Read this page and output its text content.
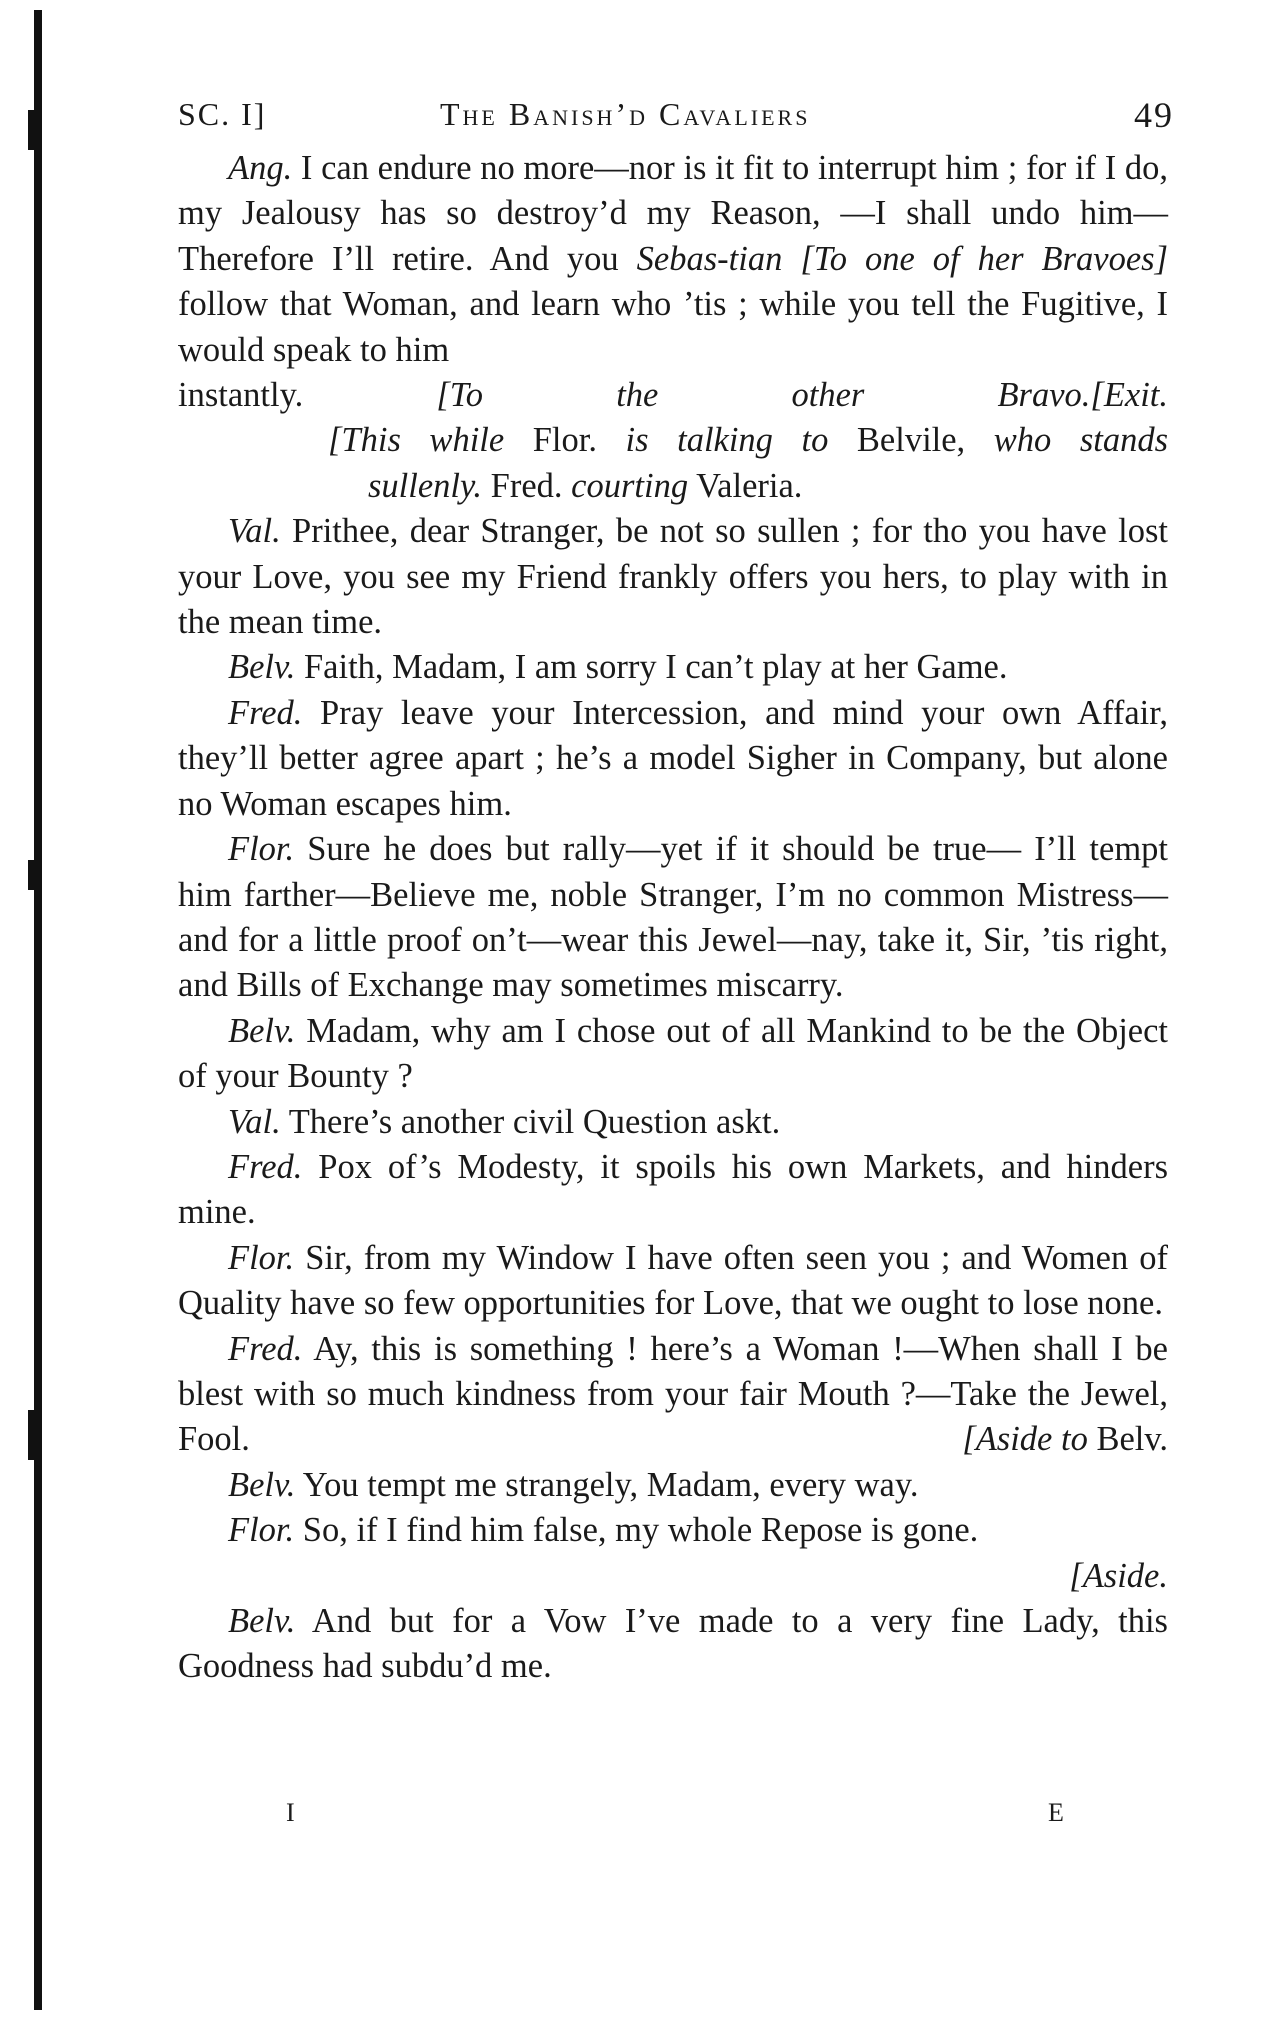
SC. I]	The Banish’d Cavaliers	49
Ang. I can endure no more—nor is it fit to interrupt him ; for if I do, my Jealousy has so destroy’d my Reason, —I shall undo him—Therefore I’ll retire. And you Sebas-tian [To one of her Bravoes] follow that Woman, and learn who ’tis ; while you tell the Fugitive, I would speak to him
instantly.	[To the other Bravo. [Exit.
[This while Flor. is talking to Belvile, who stands
sullenly. Fred. courting Valeria.
Val. Prithee, dear Stranger, be not so sullen ; for tho you have lost your Love, you see my Friend frankly offers you hers, to play with in the mean time.
Belv. Faith, Madam, I am sorry I can’t play at her Game.
Fred. Pray leave your Intercession, and mind your own Affair, they’ll better agree apart ; he’s a model Sigher in Company, but alone no Woman escapes him.
Flor. Sure he does but rally—yet if it should be true— I’ll tempt him farther—Believe me, noble Stranger, I’m no common Mistress—and for a little proof on’t—wear this Jewel—nay, take it, Sir, ’tis right, and Bills of Exchange may sometimes miscarry.
Belv. Madam, why am I chose out of all Mankind to be the Object of your Bounty ?
Val. There’s another civil Question askt.
Fred. Pox of’s Modesty, it spoils his own Markets, and hinders mine.
Flor. Sir, from my Window I have often seen you ; and Women of Quality have so few opportunities for Love, that we ought to lose none.
Fred. Ay, this is something ! here’s a Woman !—When shall I be blest with so much kindness from your fair Mouth ?—Take the Jewel, Fool.	[Aside to Belv.
Belv. You tempt me strangely, Madam, every way.
Flor. So, if I find him false, my whole Repose is gone.
[Aside.
Belv. And but for a Vow I’ve made to a very fine Lady, this Goodness had subdu’d me.
I	E
